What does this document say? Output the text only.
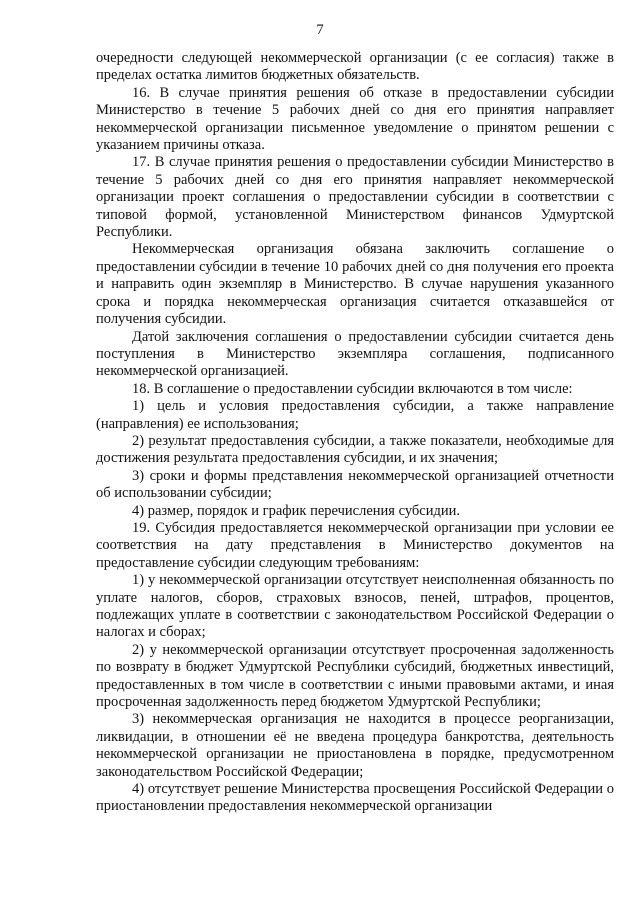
7

очередности следующей некоммерческой организации (с ее согласия) также в пределах остатка лимитов бюджетных обязательств.

16. В случае принятия решения об отказе в предоставлении субсидии Министерство в течение 5 рабочих дней со дня его принятия направляет некоммерческой организации письменное уведомление о принятом решении с указанием причины отказа.

17. В случае принятия решения о предоставлении субсидии Министерство в течение 5 рабочих дней со дня его принятия направляет некоммерческой организации проект соглашения о предоставлении субсидии в соответствии с типовой формой, установленной Министерством финансов Удмуртской Республики.

Некоммерческая организация обязана заключить соглашение о предоставлении субсидии в течение 10 рабочих дней со дня получения его проекта и направить один экземпляр в Министерство. В случае нарушения указанного срока и порядка некоммерческая организация считается отказавшейся от получения субсидии.

Датой заключения соглашения о предоставлении субсидии считается день поступления в Министерство экземпляра соглашения, подписанного некоммерческой организацией.

18. В соглашение о предоставлении субсидии включаются в том числе:

1) цель и условия предоставления субсидии, а также направление (направления) ее использования;

2) результат предоставления субсидии, а также показатели, необходимые для достижения результата предоставления субсидии, и их значения;

3) сроки и формы представления некоммерческой организацией отчетности об использовании субсидии;

4) размер, порядок и график перечисления субсидии.

19. Субсидия предоставляется некоммерческой организации при условии ее соответствия на дату представления в Министерство документов на предоставление субсидии следующим требованиям:

1) у некоммерческой организации отсутствует неисполненная обязанность по уплате налогов, сборов, страховых взносов, пеней, штрафов, процентов, подлежащих уплате в соответствии с законодательством Российской Федерации о налогах и сборах;

2) у некоммерческой организации отсутствует просроченная задолженность по возврату в бюджет Удмуртской Республики субсидий, бюджетных инвестиций, предоставленных в том числе в соответствии с иными правовыми актами, и иная просроченная задолженность перед бюджетом Удмуртской Республики;

3) некоммерческая организация не находится в процессе реорганизации, ликвидации, в отношении её не введена процедура банкротства, деятельность некоммерческой организации не приостановлена в порядке, предусмотренном законодательством Российской Федерации;

4) отсутствует решение Министерства просвещения Российской Федерации о приостановлении предоставления некоммерческой организации
